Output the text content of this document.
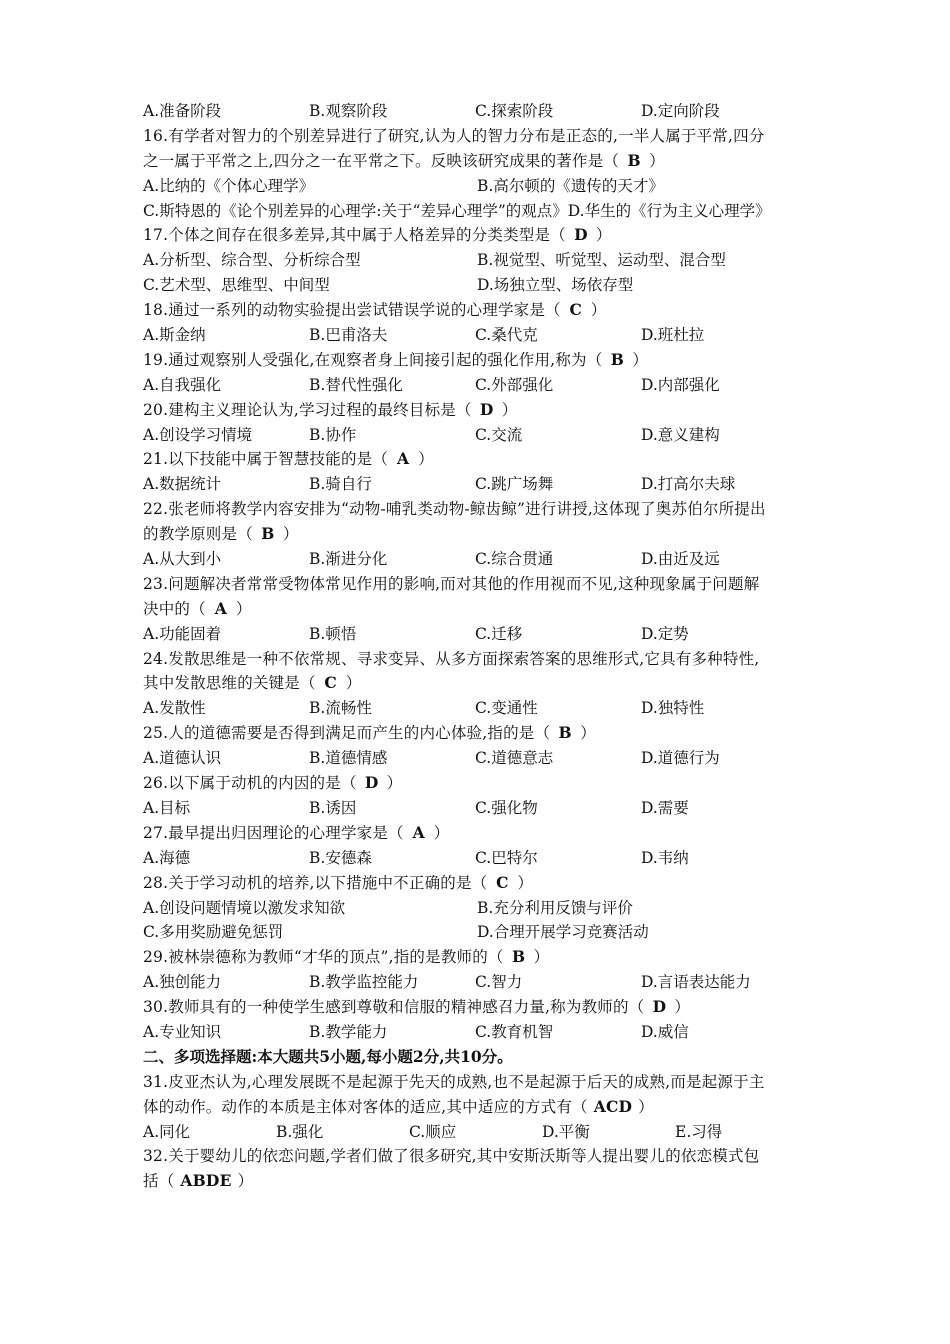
A.准备阶段	B.观察阶段	C.探索阶段	D.定向阶段
16.有学者对智力的个别差异进行了研究,认为人的智力分布是正态的,一半人属于平常,四分
之一属于平常之上,四分之一在平常之下。反映该研究成果的著作是（ B ）
A.比纳的《个体心理学》	B.高尔顿的《遗传的天才》
C.斯特恩的《论个别差异的心理学:关于“差异心理学”的观点》D.华生的《行为主义心理学》
17.个体之间存在很多差异,其中属于人格差异的分类类型是（ D ）
A.分析型、综合型、分析综合型	B.视觉型、听觉型、运动型、混合型
C.艺术型、思维型、中间型	D.场独立型、场依存型
18.通过一系列的动物实验提出尝试错误学说的心理学家是（ C ）
A.斯金纳	B.巴甫洛夫	C.桑代克	D.班杜拉
19.通过观察别人受强化,在观察者身上间接引起的强化作用,称为（ B ）
A.自我强化	B.替代性强化	C.外部强化	D.内部强化
20.建构主义理论认为,学习过程的最终目标是（ D ）
A.创设学习情境	B.协作	C.交流	D.意义建构
21.以下技能中属于智慧技能的是（ A ）
A.数据统计	B.骑自行	C.跳广场舞	D.打高尔夫球
22.张老师将教学内容安排为“动物-哺乳类动物-鲸齿鲸”进行讲授,这体现了奥苏伯尔所提出
的教学原则是（ B ）
A.从大到小	B.渐进分化	C.综合贯通	D.由近及远
23.问题解决者常常受物体常见作用的影响,而对其他的作用视而不见,这种现象属于问题解
决中的（ A ）
A.功能固着	B.顿悟	C.迁移	D.定势
24.发散思维是一种不依常规、寻求变异、从多方面探索答案的思维形式,它具有多种特性,
其中发散思维的关键是（ C ）
A.发散性	B.流畅性	C.变通性	D.独特性
25.人的道德需要是否得到满足而产生的内心体验,指的是（ B ）
A.道德认识	B.道德情感	C.道德意志	D.道德行为
26.以下属于动机的内因的是（ D ）
A.目标	B.诱因	C.强化物	D.需要
27.最早提出归因理论的心理学家是（ A ）
A.海德	B.安德森	C.巴特尔	D.韦纳
28.关于学习动机的培养,以下措施中不正确的是（ C ）
A.创设问题情境以激发求知欲	B.充分利用反馈与评价
C.多用奖励避免惩罚	D.合理开展学习竞赛活动
29.被林崇德称为教师“才华的顶点”,指的是教师的（ B ）
A.独创能力	B.教学监控能力	C.智力	D.言语表达能力
30.教师具有的一种使学生感到尊敬和信服的精神感召力量,称为教师的（ D ）
A.专业知识	B.教学能力	C.教育机智	D.威信
二、多项选择题:本大题共5小题,每小题2分,共10分。
31.皮亚杰认为,心理发展既不是起源于先天的成熟,也不是起源于后天的成熟,而是起源于主
体的动作。动作的本质是主体对客体的适应,其中适应的方式有（ ACD ）
A.同化	B.强化	C.顺应	D.平衡	E.习得
32.关于婴幼儿的依恋问题,学者们做了很多研究,其中安斯沃斯等人提出婴儿的依恋模式包
括（ ABDE ）
